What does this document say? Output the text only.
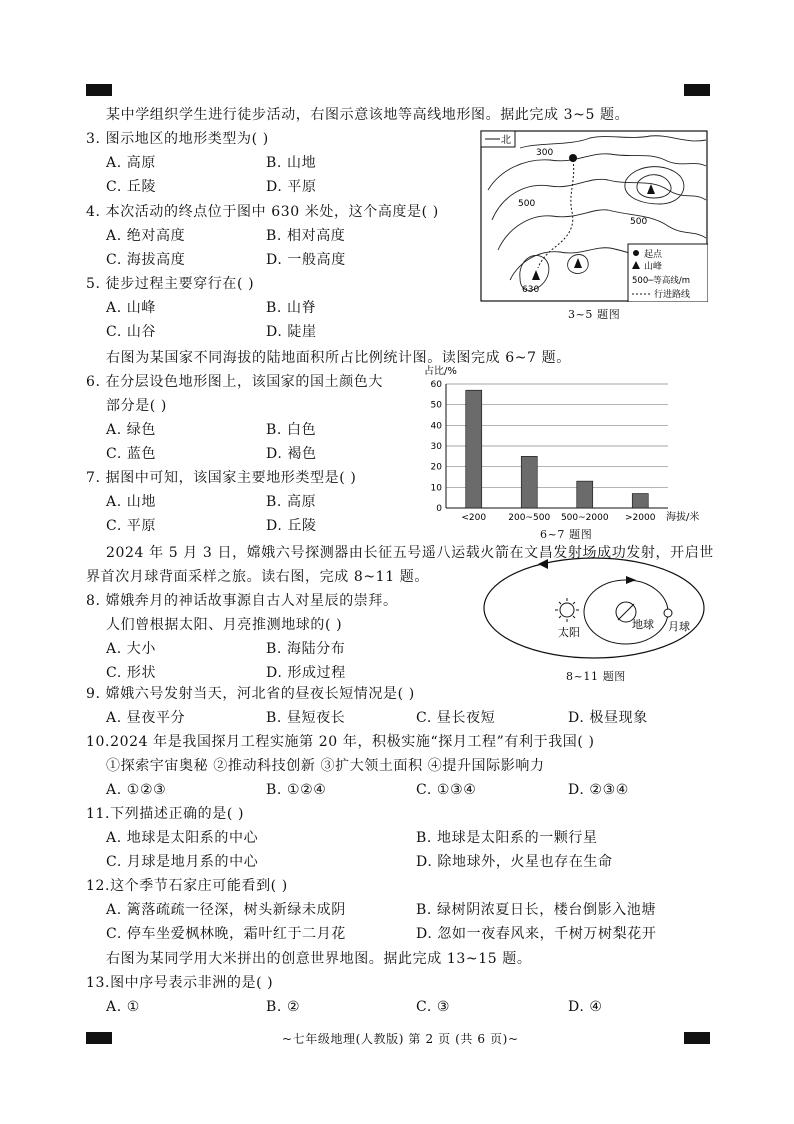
某中学组织学生进行徒步活动，右图示意该地等高线地形图。据此完成 3~5 题。
3. 图示地区的地形类型为( )
A. 高原	B. 山地
C. 丘陵	D. 平原
4. 本次活动的终点位于图中 630 米处，这个高度是( )
A. 绝对高度	B. 相对高度
C. 海拔高度	D. 一般高度
5. 徒步过程主要穿行在( )
A. 山峰	B. 山脊
C. 山谷	D. 陡崖
北
300
500
500
630
起点
山峰
500─等高线/m
行进路线
3~5 题图
右图为某国家不同海拔的陆地面积所占比例统计图。读图完成 6~7 题。
6. 在分层设色地形图上，该国家的国土颜色大
部分是( )
A. 绿色	B. 白色
C. 蓝色	D. 褐色
7. 据图中可知，该国家主要地形类型是( )
A. 山地	B. 高原
C. 平原	D. 丘陵
占比/%
0
10
20
30
40
50
60
<200 200~500 500~2000 >2000 海拔/米
6~7 题图
2024 年 5 月 3 日，嫦娥六号探测器由长征五号遥八运载火箭在文昌发射场成功发射，开启世
界首次月球背面采样之旅。读右图，完成 8~11 题。
8. 嫦娥奔月的神话故事源自古人对星辰的崇拜。
人们曾根据太阳、月亮推测地球的( )
A. 大小	B. 海陆分布
C. 形状	D. 形成过程
太阳
地球 月球
8~11 题图
9. 嫦娥六号发射当天，河北省的昼夜长短情况是( )
A. 昼夜平分	B. 昼短夜长	C. 昼长夜短	D. 极昼现象
10.2024 年是我国探月工程实施第 20 年，积极实施“探月工程”有利于我国( )
①探索宇宙奥秘 ②推动科技创新 ③扩大领土面积 ④提升国际影响力
A. ①②③	B. ①②④	C. ①③④	D. ②③④
11.下列描述正确的是( )
A. 地球是太阳系的中心	B. 地球是太阳系的一颗行星
C. 月球是地月系的中心	D. 除地球外，火星也存在生命
12.这个季节石家庄可能看到( )
A. 篱落疏疏一径深，树头新绿未成阴	B. 绿树阴浓夏日长，楼台倒影入池塘
C. 停车坐爱枫林晚，霜叶红于二月花	D. 忽如一夜春风来，千树万树梨花开
右图为某同学用大米拼出的创意世界地图。据此完成 13~15 题。
13.图中序号表示非洲的是( )
A. ①	B. ②	C. ③	D. ④
~七年级地理(人教版) 第 2 页 (共 6 页)~
